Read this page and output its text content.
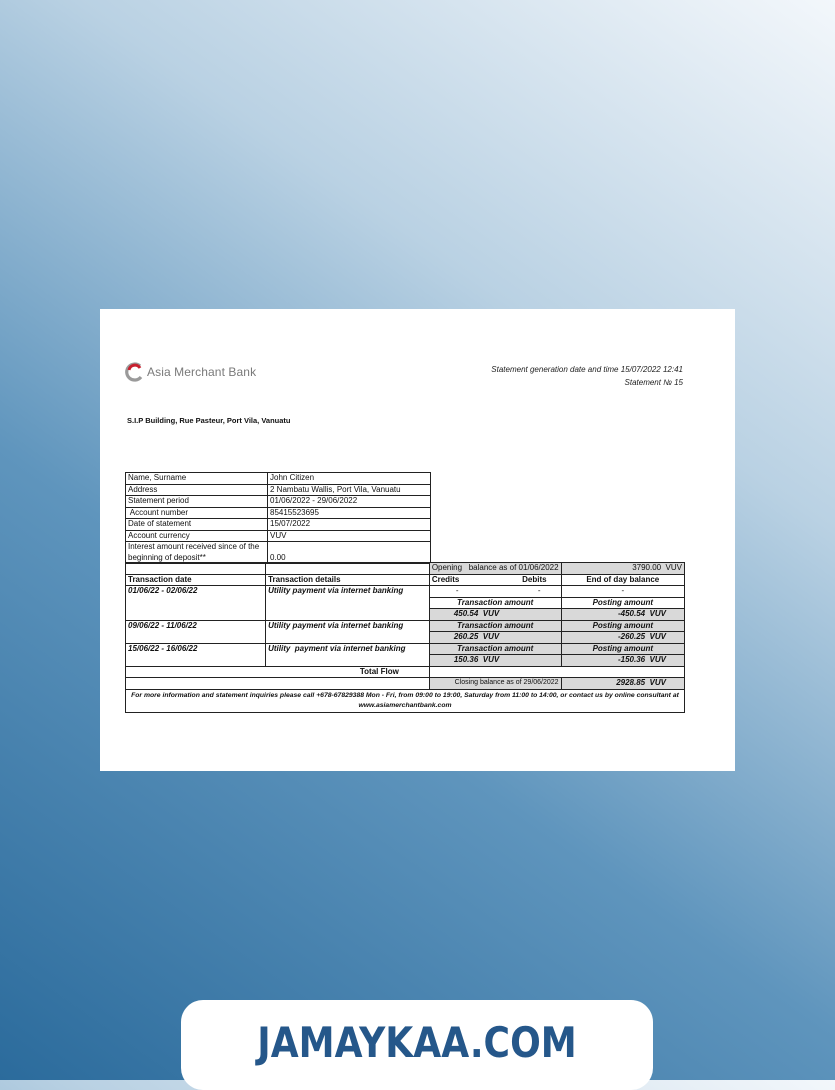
Asia Merchant Bank	Statement generation date and time 15/07/2022 12:41
Statement № 15
S.I.P Building, Rue Pasteur, Port Vila, Vanuatu
Name, Surname	John Citizen
Address	2 Nambatu Wallis, Port Vila, Vanuatu
Statement period	01/06/2022 - 29/06/2022
Account number	85415523695
Date of statement	15/07/2022
Account currency	VUV
Interest amount received since of the beginning of deposit**	0.00
		Opening   balance as of 01/06/2022	3790.00  VUV
Transaction date	Transaction details	Credits Debits	End of day balance
01/06/22 - 02/06/22	Utility payment via internet banking	- -	-
		Transaction amount	Posting amount
		450.54  VUV	-450.54  VUV
09/06/22 - 11/06/22	Utility payment via internet banking	Transaction amount	Posting amount
		260.25  VUV	-260.25  VUV
15/06/22 - 16/06/22	Utility  payment via internet banking	Transaction amount	Posting amount
		150.36  VUV	-150.36  VUV
Total Flow			
		Closing balance as of 29/06/2022	2928.85  VUV
For more information and statement inquiries please call +678-67829388 Mon - Fri, from 09:00 to 19:00, Saturday from 11:00 to 14:00, or contact us by online consultant at www.asiamerchantbank.com			
JAMAYKAA.COM
